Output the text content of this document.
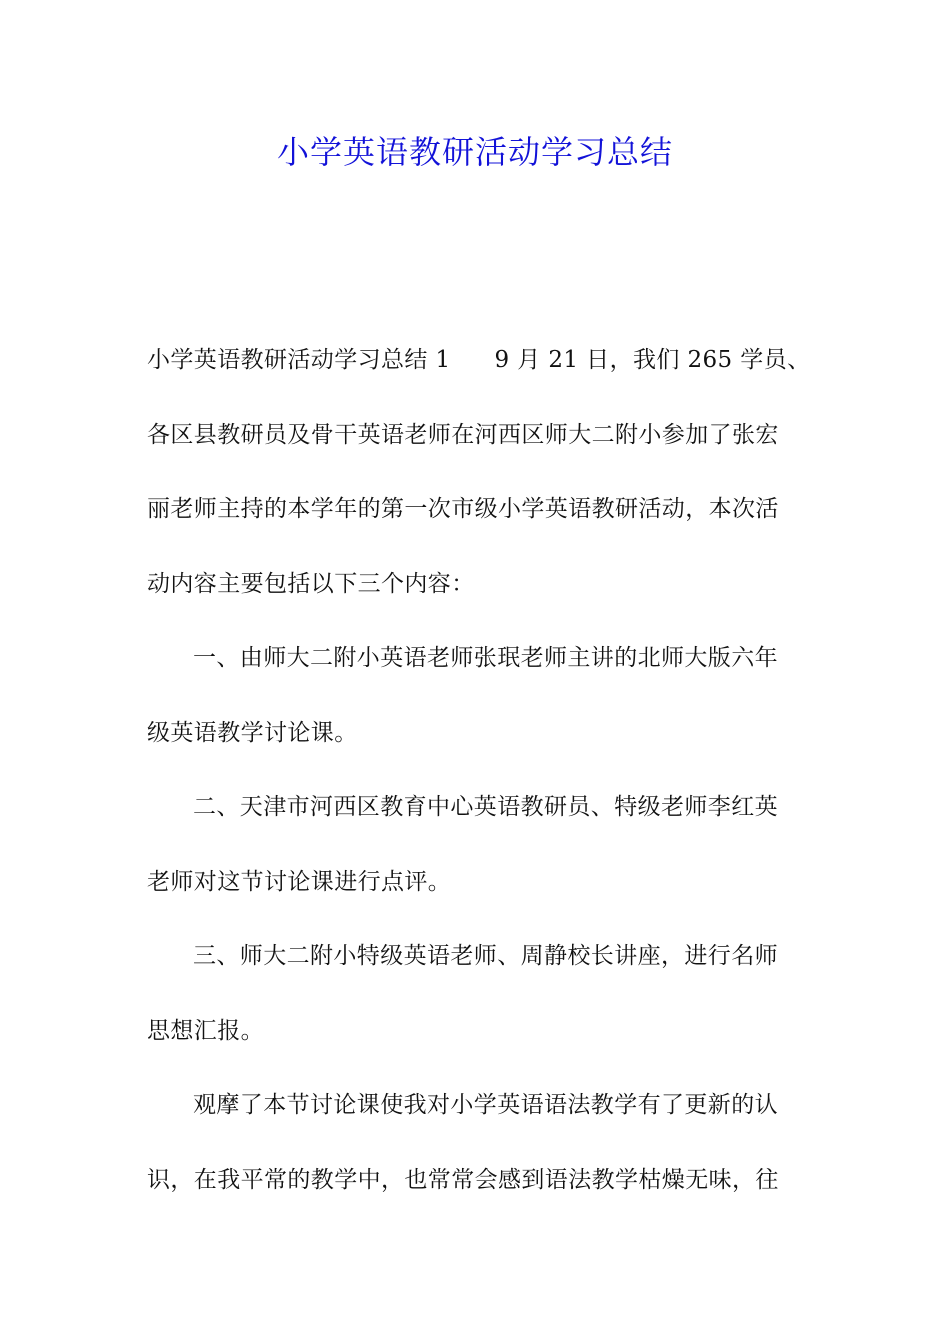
小学英语教研活动学习总结
小学英语教研活动学习总结 1 9 月 21 日，我们 265 学员、
各区县教研员及骨干英语老师在河西区师大二附小参加了张宏
丽老师主持的本学年的第一次市级小学英语教研活动，本次活
动内容主要包括以下三个内容：
一、由师大二附小英语老师张珉老师主讲的北师大版六年
级英语教学讨论课。
二、天津市河西区教育中心英语教研员、特级老师李红英
老师对这节讨论课进行点评。
三、师大二附小特级英语老师、周静校长讲座，进行名师
思想汇报。
观摩了本节讨论课使我对小学英语语法教学有了更新的认
识，在我平常的教学中，也常常会感到语法教学枯燥无味，往
